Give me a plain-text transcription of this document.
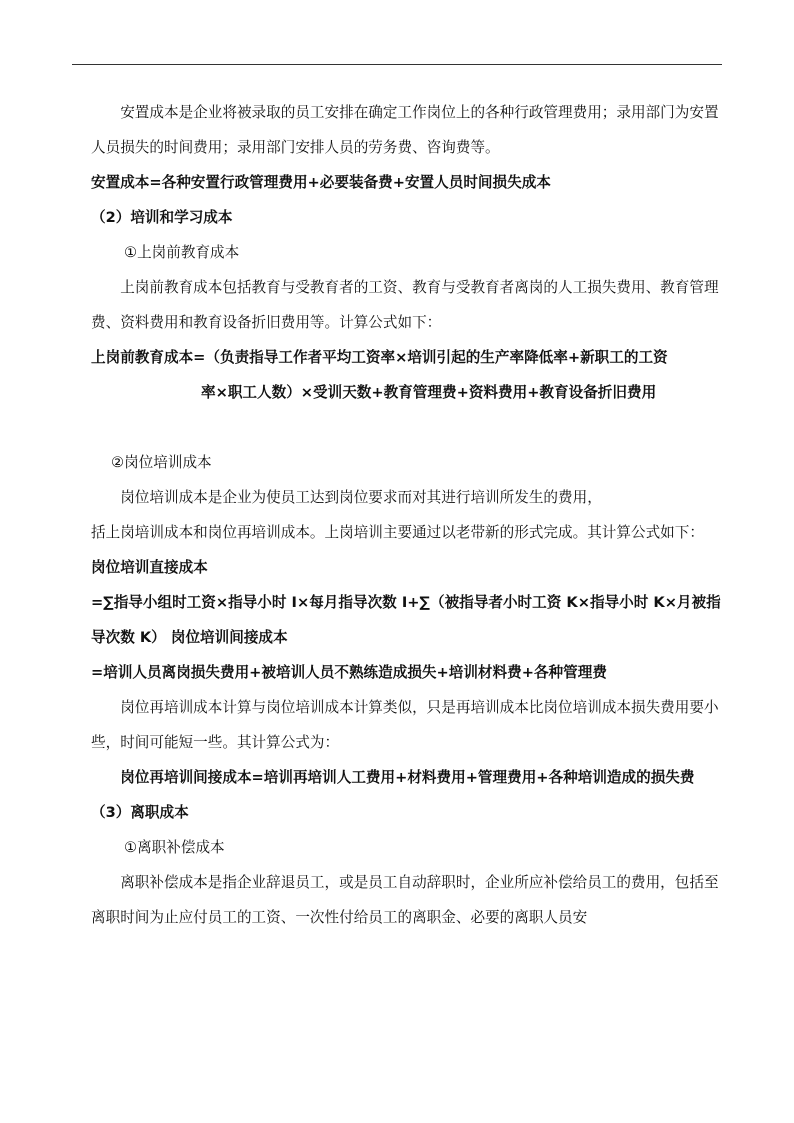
安置成本是企业将被录取的员工安排在确定工作岗位上的各种行政管理费用；录用部门为安置人员损失的时间费用；录用部门安排人员的劳务费、咨询费等。

安置成本=各种安置行政管理费用+必要装备费+安置人员时间损失成本

（2）培训和学习成本

①上岗前教育成本

上岗前教育成本包括教育与受教育者的工资、教育与受教育者离岗的人工损失费用、教育管理费、资料费用和教育设备折旧费用等。计算公式如下：

上岗前教育成本=（负责指导工作者平均工资率×培训引起的生产率降低率+新职工的工资

率×职工人数）×受训天数+教育管理费+资料费用+教育设备折旧费用

②岗位培训成本

岗位培训成本是企业为使员工达到岗位要求而对其进行培训所发生的费用，

括上岗培训成本和岗位再培训成本。上岗培训主要通过以老带新的形式完成。其计算公式如下：

岗位培训直接成本

=∑指导小组时工资×指导小时 I×每月指导次数 I+∑（被指导者小时工资 K×指导小时 K×月被指导次数 K） 岗位培训间接成本

=培训人员离岗损失费用+被培训人员不熟练造成损失+培训材料费+各种管理费

岗位再培训成本计算与岗位培训成本计算类似，只是再培训成本比岗位培训成本损失费用要小些，时间可能短一些。其计算公式为：

岗位再培训间接成本=培训再培训人工费用+材料费用+管理费用+各种培训造成的损失费

（3）离职成本

①离职补偿成本

离职补偿成本是指企业辞退员工，或是员工自动辞职时，企业所应补偿给员工的费用，包括至离职时间为止应付员工的工资、一次性付给员工的离职金、必要的离职人员安
